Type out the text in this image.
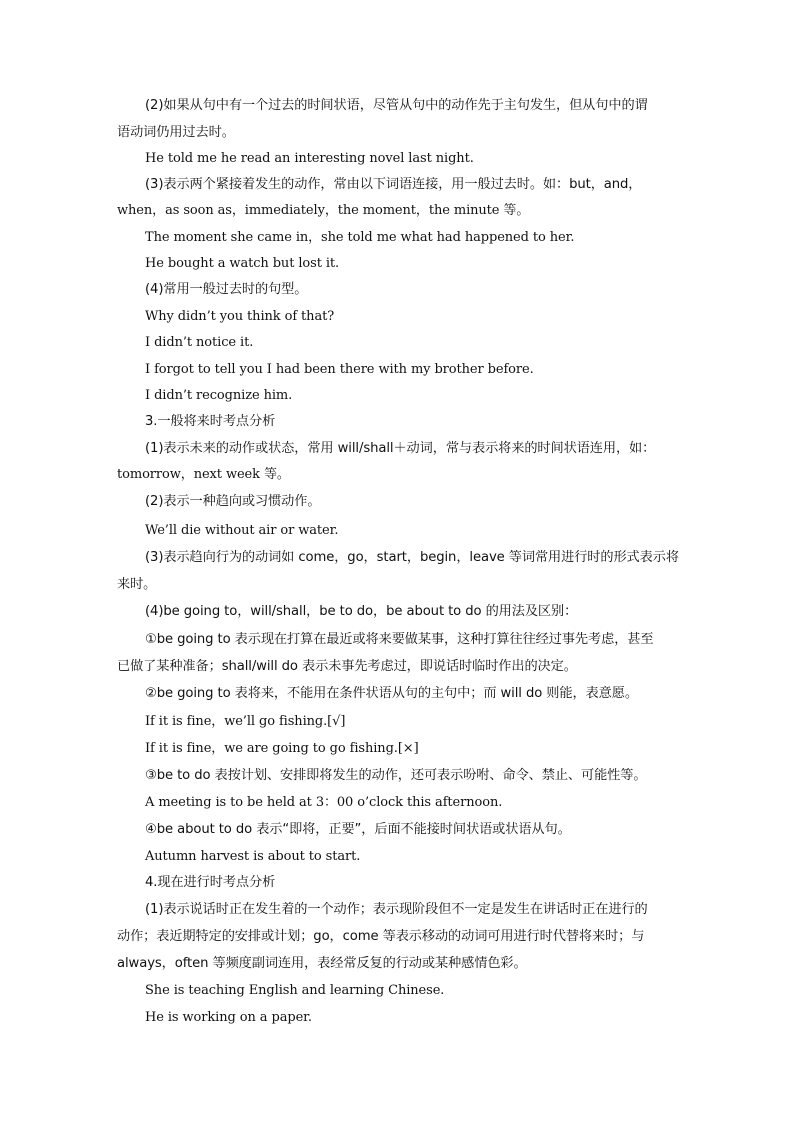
(2)如果从句中有一个过去的时间状语，尽管从句中的动作先于主句发生，但从句中的谓
语动词仍用过去时。
He told me he read an interesting novel last night.
(3)表示两个紧接着发生的动作，常由以下词语连接，用一般过去时。如：but，and，
when，as soon as，immediately，the moment，the minute 等。
The moment she came in，she told me what had happened to her.
He bought a watch but lost it.
(4)常用一般过去时的句型。
Why didn’t you think of that?
I didn’t notice it.
I forgot to tell you I had been there with my brother before.
I didn’t recognize him.
3.一般将来时考点分析
(1)表示未来的动作或状态，常用 will/shall＋动词，常与表示将来的时间状语连用，如：
tomorrow，next week 等。
(2)表示一种趋向或习惯动作。
We’ll die without air or water.
(3)表示趋向行为的动词如 come，go，start，begin，leave 等词常用进行时的形式表示将
来时。
(4)be going to，will/shall，be to do，be about to do 的用法及区别：
①be going to 表示现在打算在最近或将来要做某事，这种打算往往经过事先考虑，甚至
已做了某种准备；shall/will do 表示未事先考虑过，即说话时临时作出的决定。
②be going to 表将来，不能用在条件状语从句的主句中；而 will do 则能，表意愿。
If it is fine，we’ll go fishing.[√]
If it is fine，we are going to go fishing.[×]
③be to do 表按计划、安排即将发生的动作，还可表示吩咐、命令、禁止、可能性等。
A meeting is to be held at 3：00 o’clock this afternoon.
④be about to do 表示“即将，正要”，后面不能接时间状语或状语从句。
Autumn harvest is about to start.
4.现在进行时考点分析
(1)表示说话时正在发生着的一个动作；表示现阶段但不一定是发生在讲话时正在进行的
动作；表近期特定的安排或计划；go，come 等表示移动的动词可用进行时代替将来时；与
always，often 等频度副词连用，表经常反复的行动或某种感情色彩。
She is teaching English and learning Chinese.
He is working on a paper.
